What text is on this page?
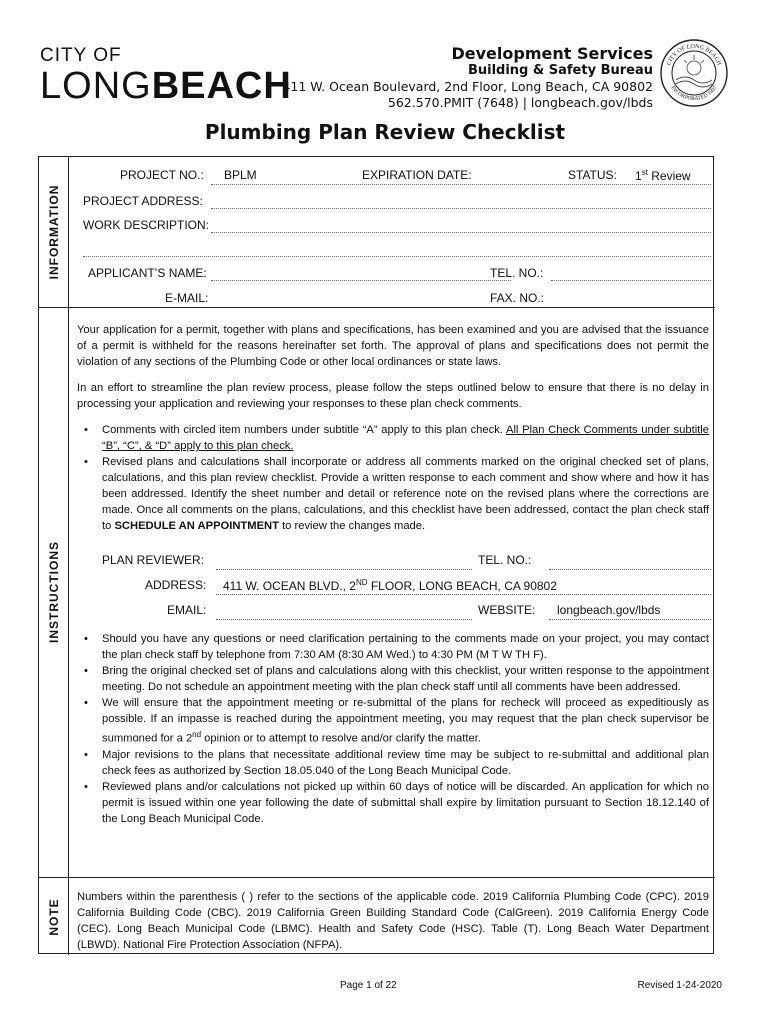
CITY OF
LONGBEACH
Development Services
Building & Safety Bureau
411 W. Ocean Boulevard, 2nd Floor, Long Beach, CA 90802
562.570.PMIT (7648) | longbeach.gov/lbds
CITY OF LONG BEACH
INCORPORATED 1897
Plumbing Plan Review Checklist
INFORMATION
INSTRUCTIONS
NOTE
PROJECT NO.: BPLM	EXPIRATION DATE:	STATUS: 1st Review
PROJECT ADDRESS:
WORK DESCRIPTION:
APPLICANT’S NAME:	TEL. NO.:
E-MAIL:	FAX. NO.:
Your application for a permit, together with plans and specifications, has been examined and you are advised that the issuance of a permit is withheld for the reasons hereinafter set forth. The approval of plans and specifications does not permit the violation of any sections of the Plumbing Code or other local ordinances or state laws.
In an effort to streamline the plan review process, please follow the steps outlined below to ensure that there is no delay in processing your application and reviewing your responses to these plan check comments.
• Comments with circled item numbers under subtitle “A” apply to this plan check. All Plan Check Comments under subtitle “B”, “C”, & “D” apply to this plan check.
• Revised plans and calculations shall incorporate or address all comments marked on the original checked set of plans, calculations, and this plan review checklist. Provide a written response to each comment and show where and how it has been addressed. Identify the sheet number and detail or reference note on the revised plans where the corrections are made. Once all comments on the plans, calculations, and this checklist have been addressed, contact the plan check staff to SCHEDULE AN APPOINTMENT to review the changes made.
PLAN REVIEWER:	TEL. NO.:
ADDRESS: 411 W. OCEAN BLVD., 2ND FLOOR, LONG BEACH, CA 90802
EMAIL:	WEBSITE: longbeach.gov/lbds
• Should you have any questions or need clarification pertaining to the comments made on your project, you may contact the plan check staff by telephone from 7:30 AM (8:30 AM Wed.) to 4:30 PM (M T W TH F).
• Bring the original checked set of plans and calculations along with this checklist, your written response to the appointment meeting. Do not schedule an appointment meeting with the plan check staff until all comments have been addressed.
• We will ensure that the appointment meeting or re-submittal of the plans for recheck will proceed as expeditiously as possible. If an impasse is reached during the appointment meeting, you may request that the plan check supervisor be summoned for a 2nd opinion or to attempt to resolve and/or clarify the matter.
• Major revisions to the plans that necessitate additional review time may be subject to re-submittal and additional plan check fees as authorized by Section 18.05.040 of the Long Beach Municipal Code.
• Reviewed plans and/or calculations not picked up within 60 days of notice will be discarded. An application for which no permit is issued within one year following the date of submittal shall expire by limitation pursuant to Section 18.12.140 of the Long Beach Municipal Code.
Numbers within the parenthesis ( ) refer to the sections of the applicable code. 2019 California Plumbing Code (CPC). 2019 California Building Code (CBC). 2019 California Green Building Standard Code (CalGreen). 2019 California Energy Code (CEC). Long Beach Municipal Code (LBMC). Health and Safety Code (HSC). Table (T). Long Beach Water Department (LBWD). National Fire Protection Association (NFPA).
Page 1 of 22	Revised 1-24-2020
